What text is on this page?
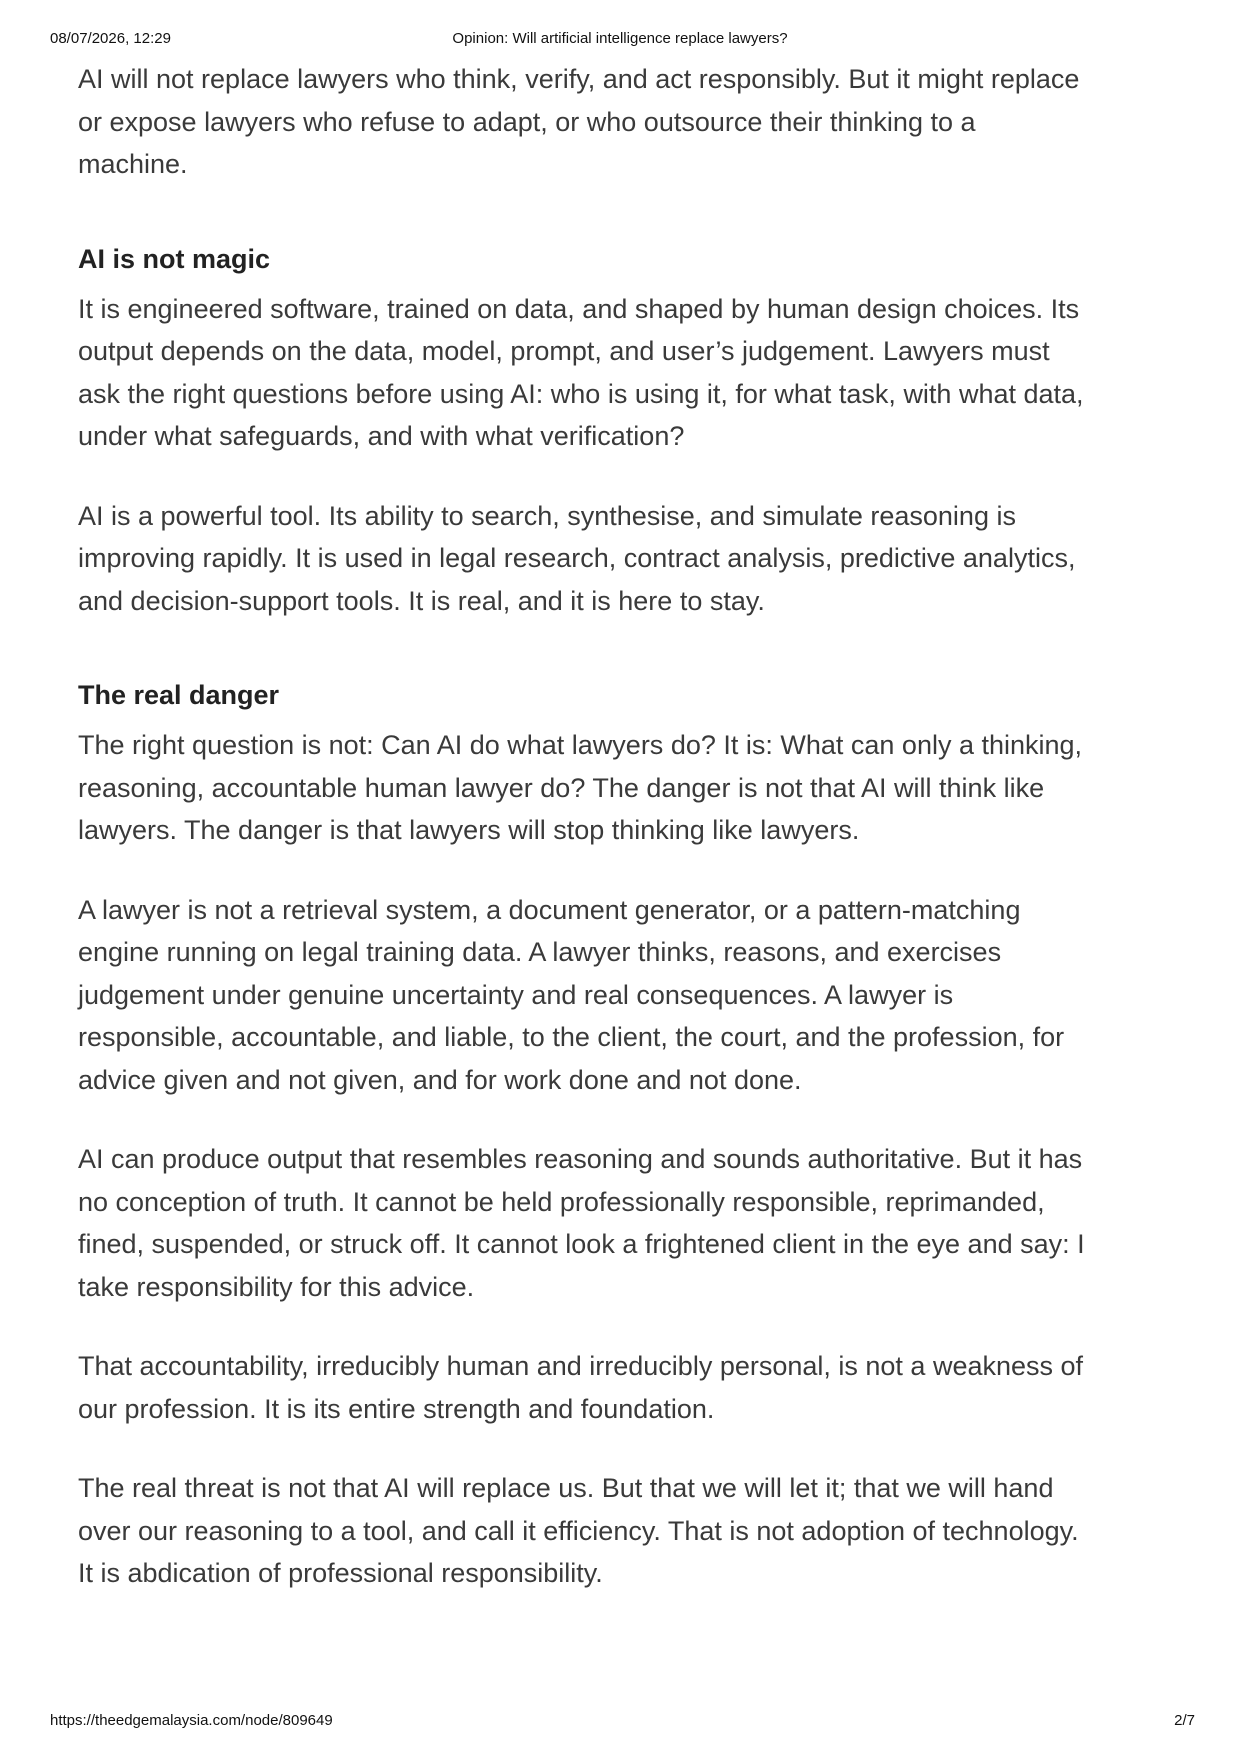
08/07/2026, 12:29	Opinion: Will artificial intelligence replace lawyers?

AI will not replace lawyers who think, verify, and act responsibly. But it might replace or expose lawyers who refuse to adapt, or who outsource their thinking to a machine.

AI is not magic

It is engineered software, trained on data, and shaped by human design choices. Its output depends on the data, model, prompt, and user’s judgement. Lawyers must ask the right questions before using AI: who is using it, for what task, with what data, under what safeguards, and with what verification?

AI is a powerful tool. Its ability to search, synthesise, and simulate reasoning is improving rapidly. It is used in legal research, contract analysis, predictive analytics, and decision-support tools. It is real, and it is here to stay.

The real danger

The right question is not: Can AI do what lawyers do? It is: What can only a thinking, reasoning, accountable human lawyer do? The danger is not that AI will think like lawyers. The danger is that lawyers will stop thinking like lawyers.

A lawyer is not a retrieval system, a document generator, or a pattern-matching engine running on legal training data. A lawyer thinks, reasons, and exercises judgement under genuine uncertainty and real consequences. A lawyer is responsible, accountable, and liable, to the client, the court, and the profession, for advice given and not given, and for work done and not done.

AI can produce output that resembles reasoning and sounds authoritative. But it has no conception of truth. It cannot be held professionally responsible, reprimanded, fined, suspended, or struck off. It cannot look a frightened client in the eye and say: I take responsibility for this advice.

That accountability, irreducibly human and irreducibly personal, is not a weakness of our profession. It is its entire strength and foundation.

The real threat is not that AI will replace us. But that we will let it; that we will hand over our reasoning to a tool, and call it efficiency. That is not adoption of technology. It is abdication of professional responsibility.

https://theedgemalaysia.com/node/809649	2/7
